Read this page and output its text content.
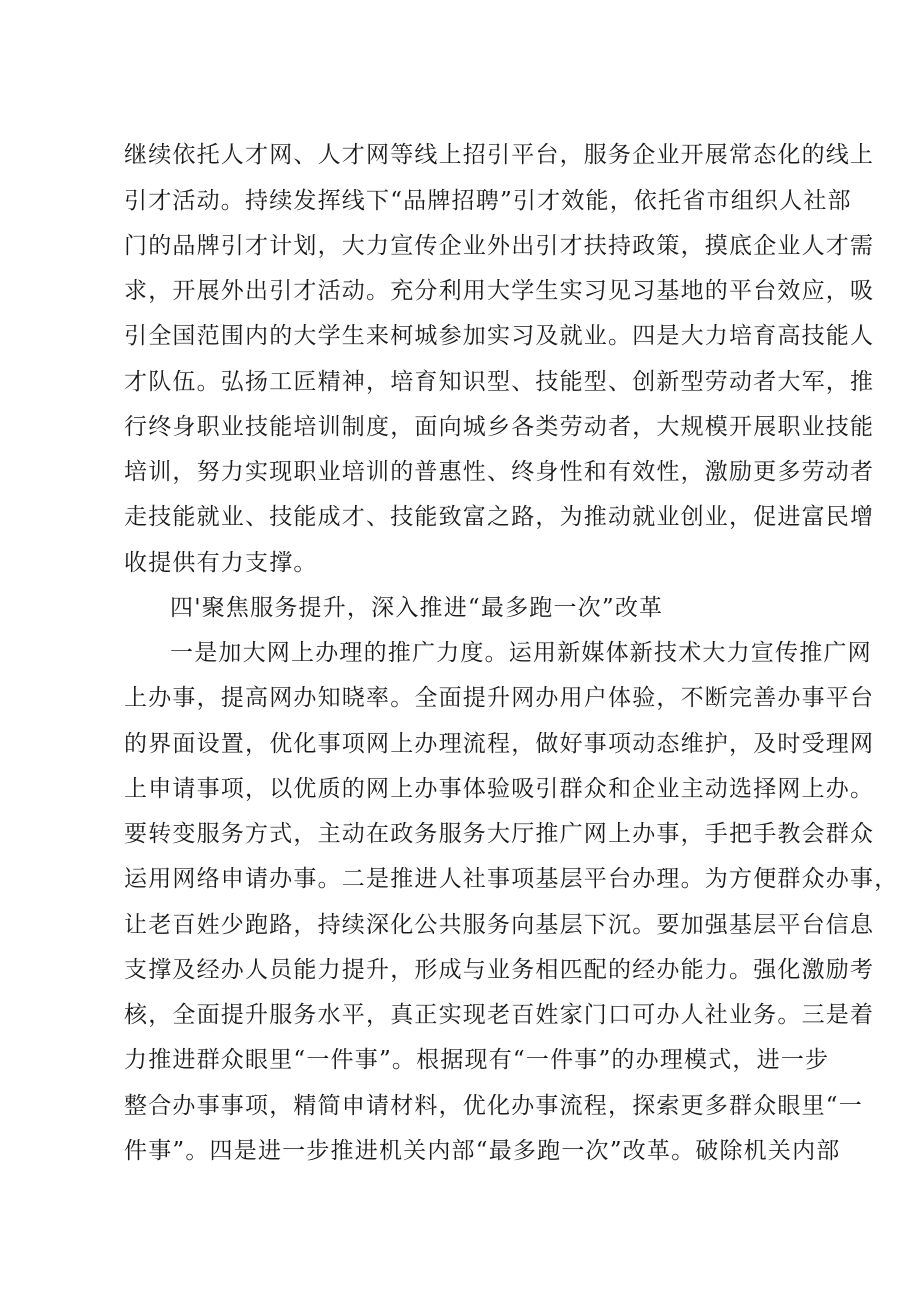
继续依托人才网、人才网等线上招引平台，服务企业开展常态化的线上
引才活动。持续发挥线下“品牌招聘”引才效能，依托省市组织人社部
门的品牌引才计划，大力宣传企业外出引才扶持政策，摸底企业人才需
求，开展外出引才活动。充分利用大学生实习见习基地的平台效应，吸
引全国范围内的大学生来柯城参加实习及就业。四是大力培育高技能人
才队伍。弘扬工匠精神，培育知识型、技能型、创新型劳动者大军，推
行终身职业技能培训制度，面向城乡各类劳动者，大规模开展职业技能
培训，努力实现职业培训的普惠性、终身性和有效性，激励更多劳动者
走技能就业、技能成才、技能致富之路，为推动就业创业，促进富民增
收提供有力支撑。
四'聚焦服务提升，深入推进“最多跑一次”改革
一是加大网上办理的推广力度。运用新媒体新技术大力宣传推广网
上办事，提高网办知晓率。全面提升网办用户体验，不断完善办事平台
的界面设置，优化事项网上办理流程，做好事项动态维护，及时受理网
上申请事项，以优质的网上办事体验吸引群众和企业主动选择网上办。
要转变服务方式，主动在政务服务大厅推广网上办事，手把手教会群众
运用网络申请办事。二是推进人社事项基层平台办理。为方便群众办事，
让老百姓少跑路，持续深化公共服务向基层下沉。要加强基层平台信息
支撑及经办人员能力提升，形成与业务相匹配的经办能力。强化激励考
核，全面提升服务水平，真正实现老百姓家门口可办人社业务。三是着
力推进群众眼里“一件事”。根据现有“一件事”的办理模式，进一步
整合办事事项，精简申请材料，优化办事流程，探索更多群众眼里“一
件事”。四是进一步推进机关内部“最多跑一次”改革。破除机关内部
